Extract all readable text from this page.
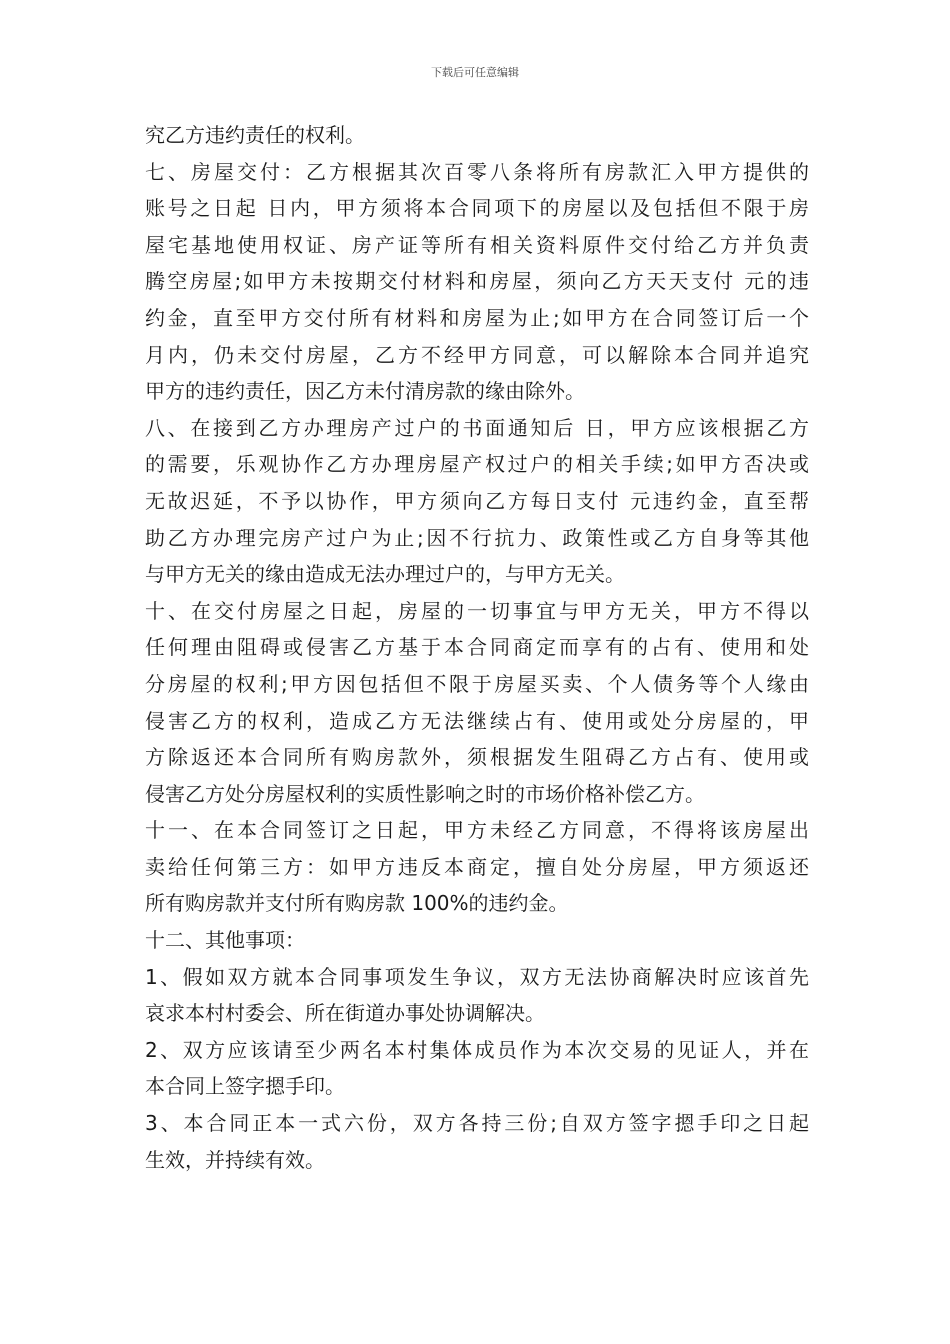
下载后可任意编辑
究乙方违约责任的权利。
七、房屋交付：乙方根据其次百零八条将所有房款汇入甲方提供的
账号之日起 日内，甲方须将本合同项下的房屋以及包括但不限于房
屋宅基地使用权证、房产证等所有相关资料原件交付给乙方并负责
腾空房屋;如甲方未按期交付材料和房屋，须向乙方天天支付 元的违
约金，直至甲方交付所有材料和房屋为止;如甲方在合同签订后一个
月内，仍未交付房屋，乙方不经甲方同意，可以解除本合同并追究
甲方的违约责任，因乙方未付清房款的缘由除外。
八、在接到乙方办理房产过户的书面通知后 日，甲方应该根据乙方
的需要，乐观协作乙方办理房屋产权过户的相关手续;如甲方否决或
无故迟延，不予以协作，甲方须向乙方每日支付 元违约金，直至帮
助乙方办理完房产过户为止;因不行抗力、政策性或乙方自身等其他
与甲方无关的缘由造成无法办理过户的，与甲方无关。
十、在交付房屋之日起，房屋的一切事宜与甲方无关，甲方不得以
任何理由阻碍或侵害乙方基于本合同商定而享有的占有、使用和处
分房屋的权利;甲方因包括但不限于房屋买卖、个人债务等个人缘由
侵害乙方的权利，造成乙方无法继续占有、使用或处分房屋的，甲
方除返还本合同所有购房款外，须根据发生阻碍乙方占有、使用或
侵害乙方处分房屋权利的实质性影响之时的市场价格补偿乙方。
十一、在本合同签订之日起，甲方未经乙方同意，不得将该房屋出
卖给任何第三方：如甲方违反本商定，擅自处分房屋，甲方须返还
所有购房款并支付所有购房款 100%的违约金。
十二、其他事项：
1、假如双方就本合同事项发生争议，双方无法协商解决时应该首先
哀求本村村委会、所在街道办事处协调解决。
2、双方应该请至少两名本村集体成员作为本次交易的见证人，并在
本合同上签字摁手印。
3、本合同正本一式六份，双方各持三份;自双方签字摁手印之日起
生效，并持续有效。
